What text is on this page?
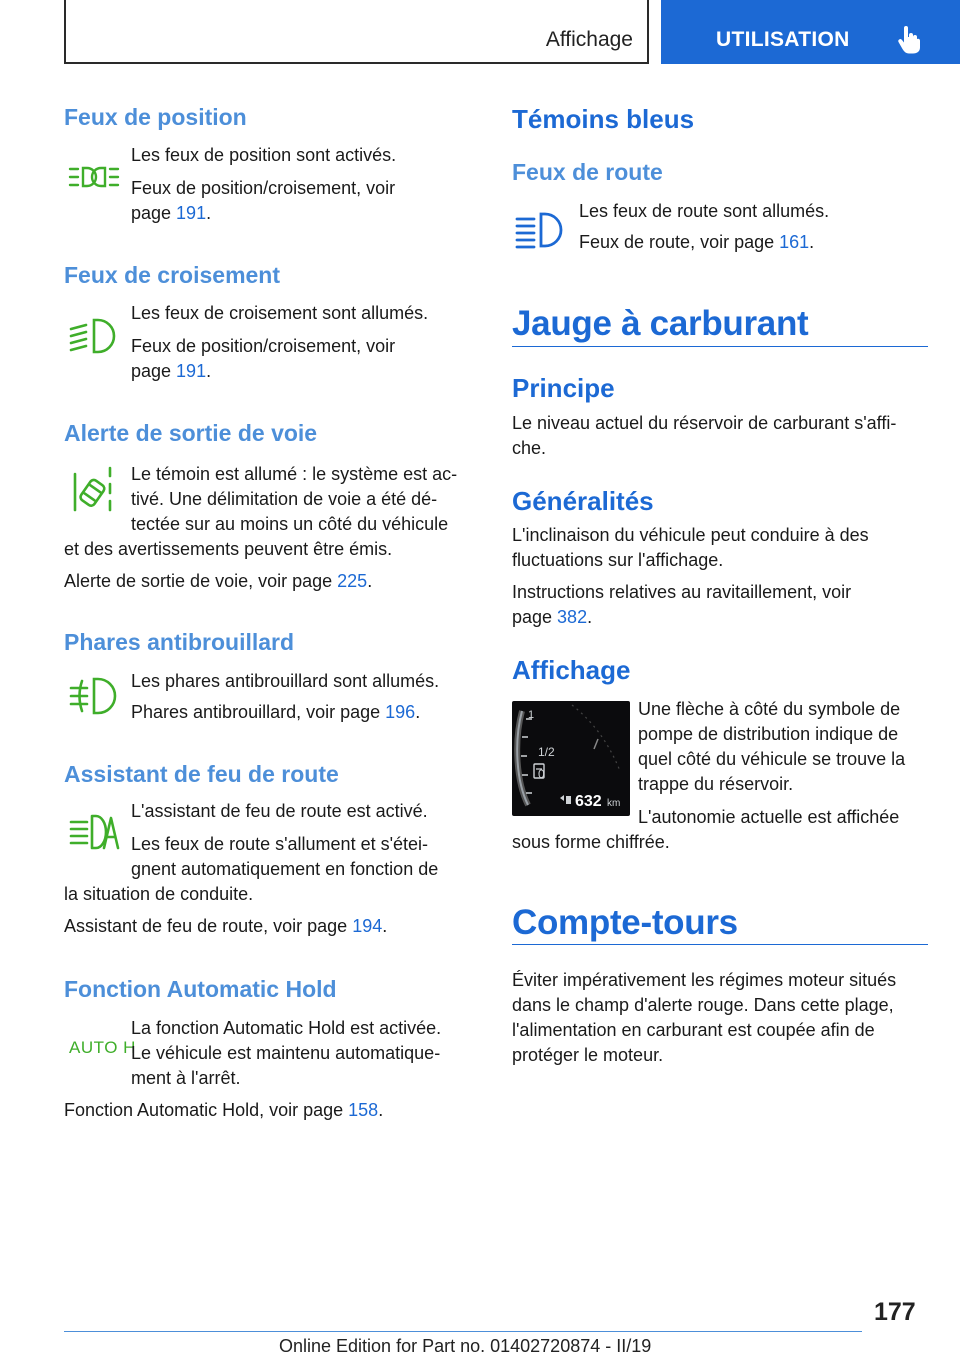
Affichage	UTILISATION
Feux de position

Les feux de position sont activés.

Feux de position/croisement, voir

page 191.

Feux de croisement

Les feux de croisement sont allumés.

Feux de position/croisement, voir

page 191.

Alerte de sortie de voie

Le témoin est allumé : le système est ac-

tivé. Une délimitation de voie a été dé-

tectée sur au moins un côté du véhicule

et des avertissements peuvent être émis.

Alerte de sortie de voie, voir page 225.

Phares antibrouillard

Les phares antibrouillard sont allumés.

Phares antibrouillard, voir page 196.

Assistant de feu de route

L'assistant de feu de route est activé.

Les feux de route s'allument et s'étei-

gnent automatiquement en fonction de

la situation de conduite.

Assistant de feu de route, voir page 194.

Fonction Automatic Hold
AUTO H

La fonction Automatic Hold est activée.

Le véhicule est maintenu automatique-

ment à l'arrêt.

Fonction Automatic Hold, voir page 158.

Témoins bleus
Feux de route

Les feux de route sont allumés.

Feux de route, voir page 161.

Jauge à carburant
Principe

Le niveau actuel du réservoir de carburant s'affi-

che.

Généralités

L'inclinaison du véhicule peut conduire à des

fluctuations sur l'affichage.

Instructions relatives au ravitaillement, voir

page 382.

Affichage
1
1/2
0
632 km

Une flèche à côté du symbole de

pompe de distribution indique de

quel côté du véhicule se trouve la

trappe du réservoir.

L'autonomie actuelle est affichée

sous forme chiffrée.

Compte-tours

Éviter impérativement les régimes moteur situés

dans le champ d'alerte rouge. Dans cette plage,

l'alimentation en carburant est coupée afin de

protéger le moteur.

177
Online Edition for Part no. 01402720874 - II/19
